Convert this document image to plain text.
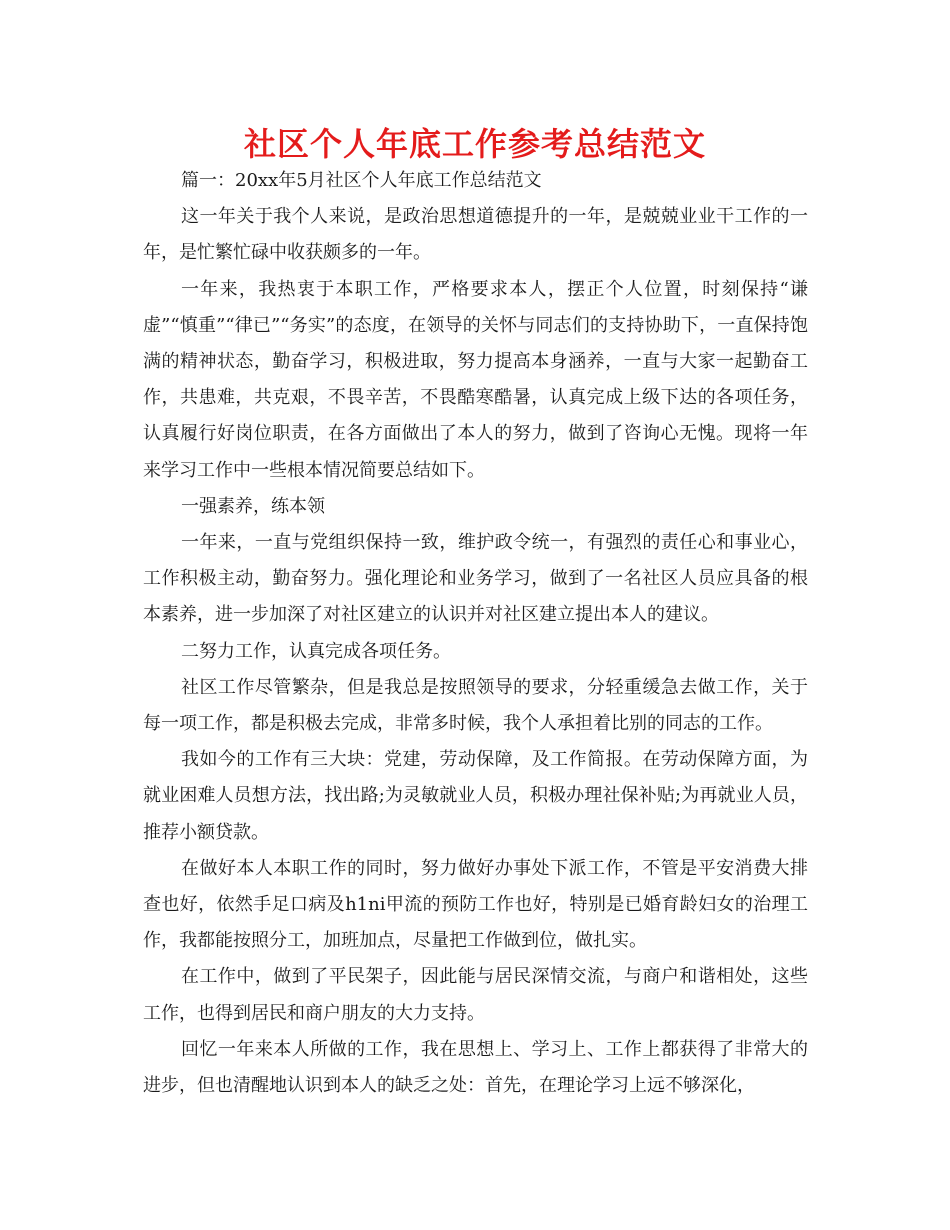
社区个人年底工作参考总结范文

篇一：20xx年5月社区个人年底工作总结范文

这一年关于我个人来说，是政治思想道德提升的一年，是兢兢业业干工作的一年，是忙繁忙碌中收获颇多的一年。

一年来，我热衷于本职工作，严格要求本人，摆正个人位置，时刻保持“谦虚”“慎重”“律已”“务实”的态度，在领导的关怀与同志们的支持协助下，一直保持饱满的精神状态，勤奋学习，积极进取，努力提高本身涵养，一直与大家一起勤奋工作，共患难，共克艰，不畏辛苦，不畏酷寒酷暑，认真完成上级下达的各项任务，认真履行好岗位职责，在各方面做出了本人的努力，做到了咨询心无愧。现将一年来学习工作中一些根本情况简要总结如下。

一强素养，练本领

一年来，一直与党组织保持一致，维护政令统一，有强烈的责任心和事业心，工作积极主动，勤奋努力。强化理论和业务学习，做到了一名社区人员应具备的根本素养，进一步加深了对社区建立的认识并对社区建立提出本人的建议。

二努力工作，认真完成各项任务。

社区工作尽管繁杂，但是我总是按照领导的要求，分轻重缓急去做工作，关于每一项工作，都是积极去完成，非常多时候，我个人承担着比别的同志的工作。

我如今的工作有三大块：党建，劳动保障，及工作简报。在劳动保障方面，为就业困难人员想方法，找出路;为灵敏就业人员，积极办理社保补贴;为再就业人员，推荐小额贷款。

在做好本人本职工作的同时，努力做好办事处下派工作，不管是平安消费大排查也好，依然手足口病及h1ni甲流的预防工作也好，特别是已婚育龄妇女的治理工作，我都能按照分工，加班加点，尽量把工作做到位，做扎实。

在工作中，做到了平民架子，因此能与居民深情交流，与商户和谐相处，这些工作，也得到居民和商户朋友的大力支持。

回忆一年来本人所做的工作，我在思想上、学习上、工作上都获得了非常大的进步，但也清醒地认识到本人的缺乏之处：首先，在理论学习上远不够深化，
